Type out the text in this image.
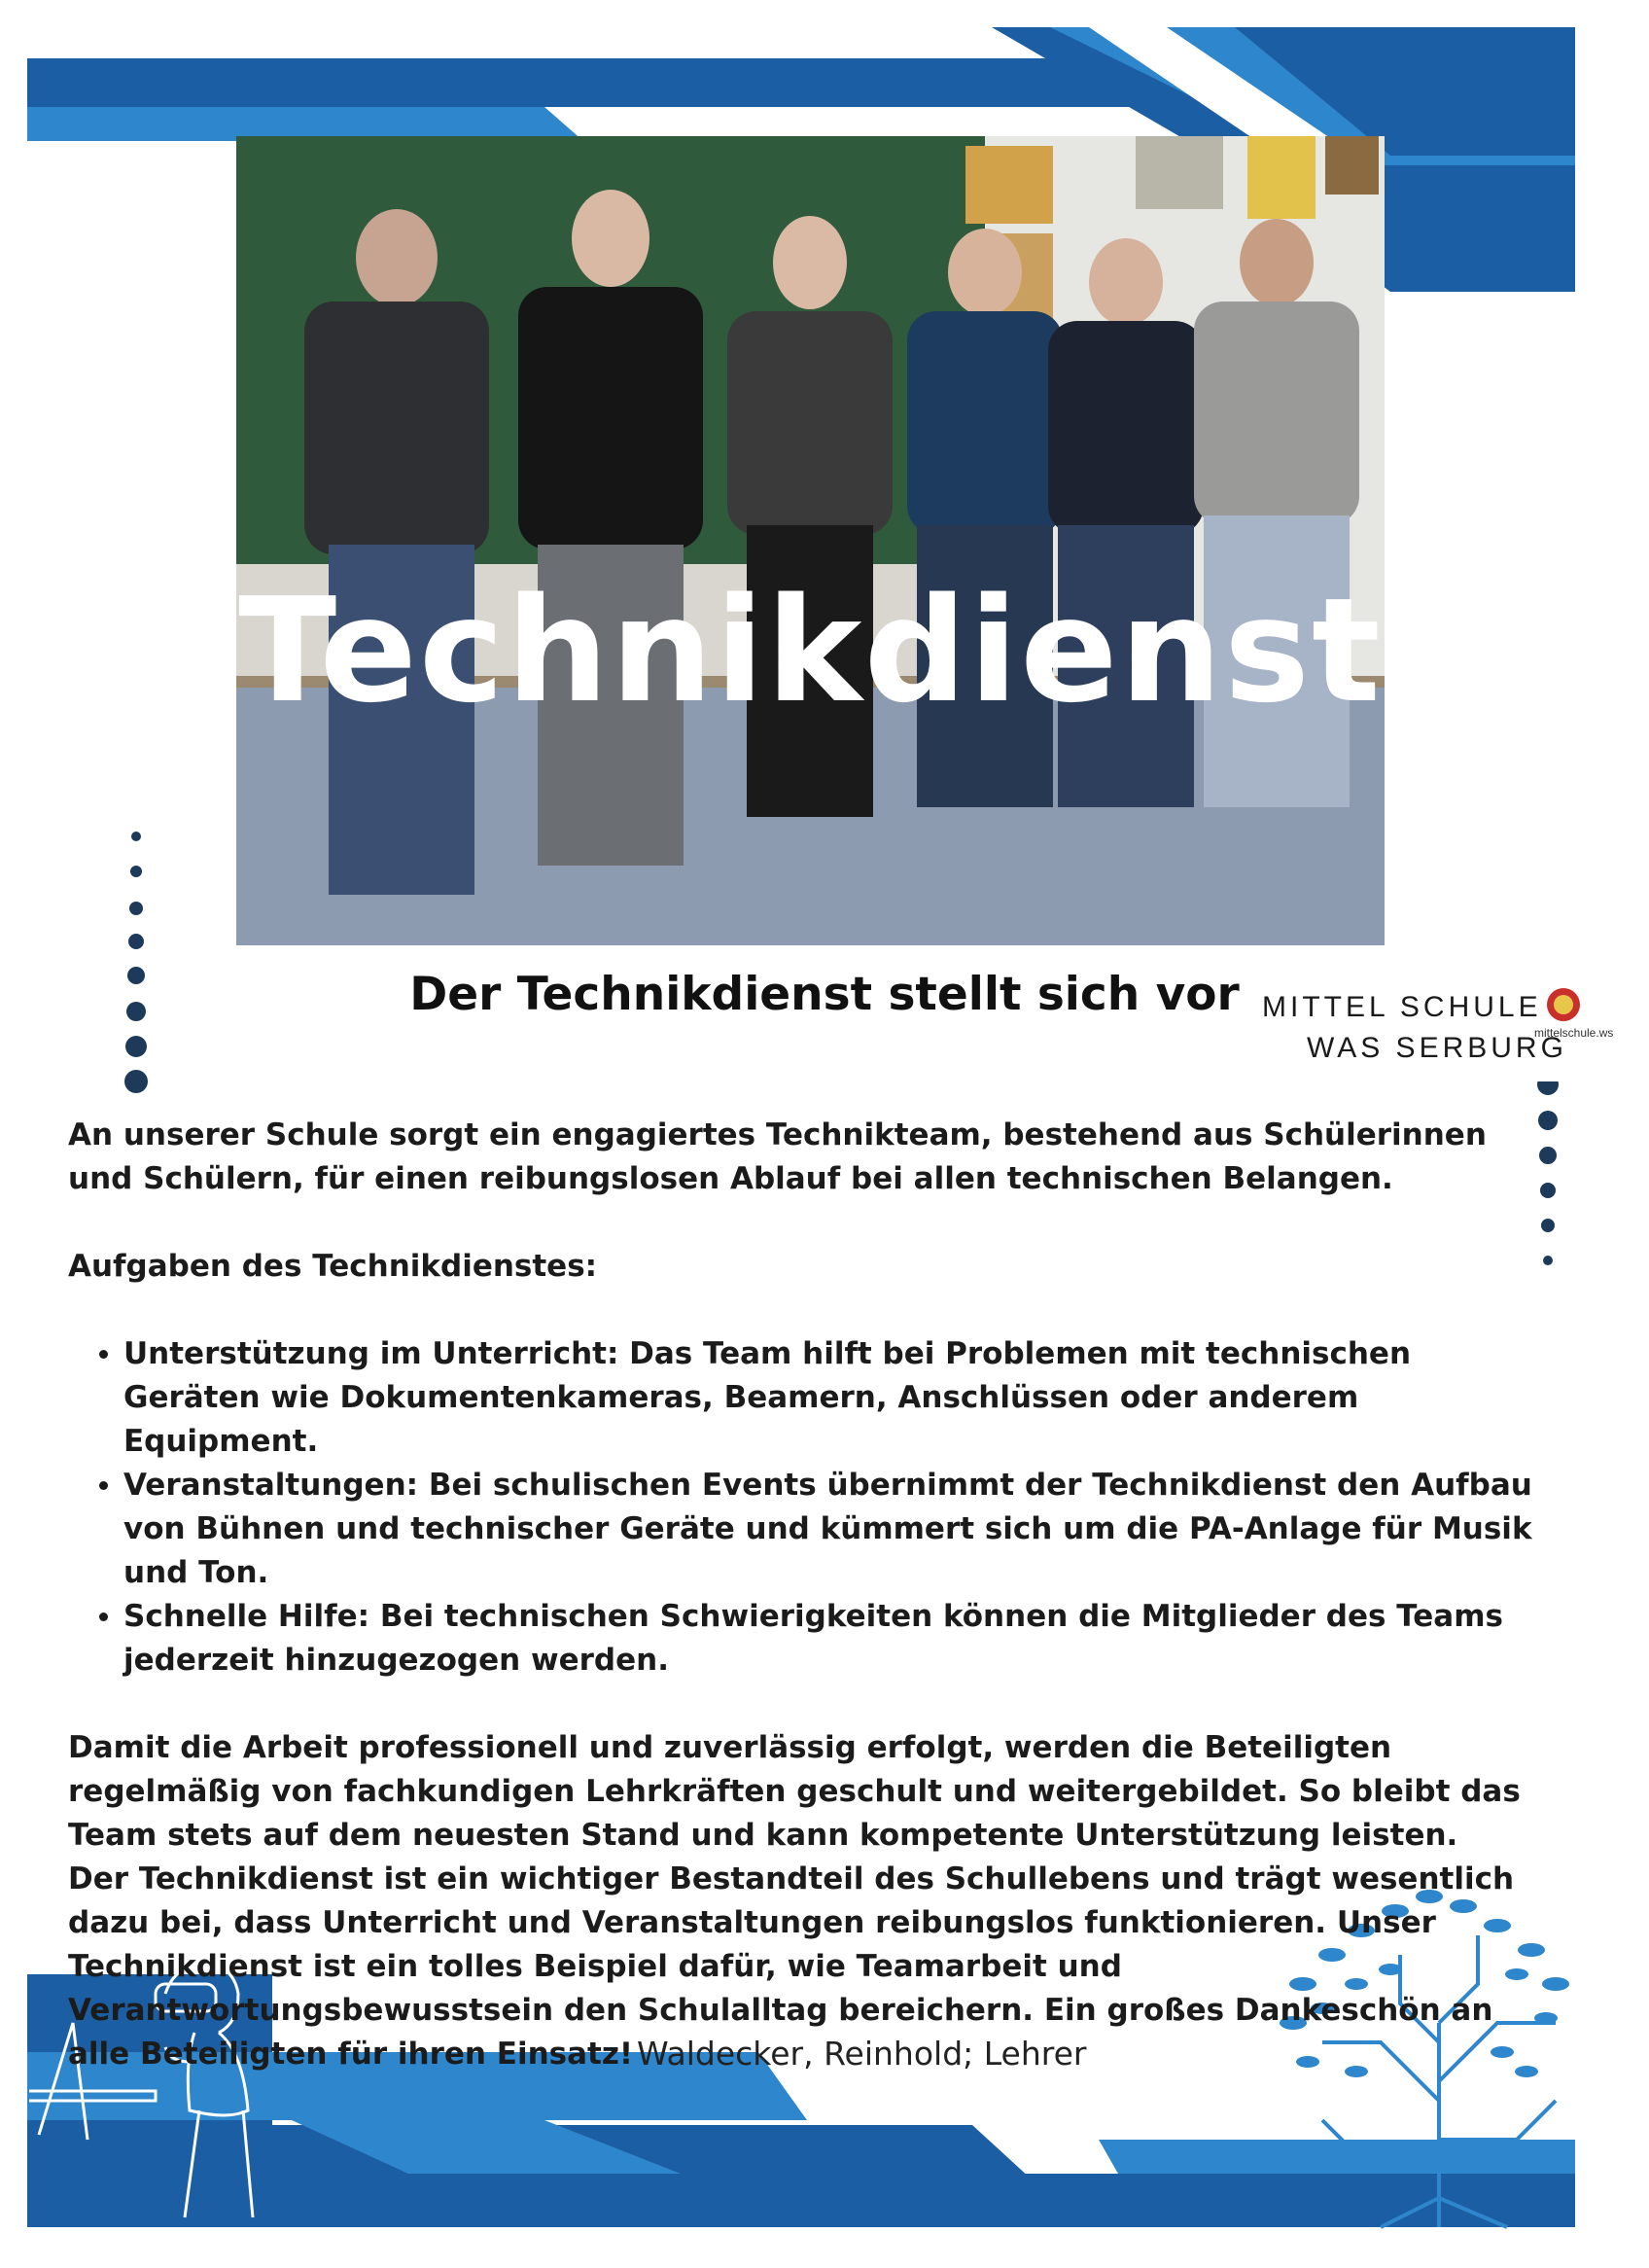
Technikdienst
MITTEL SCHULE
WAS SERBURG
mittelschule.ws
Der Technikdienst stellt sich vor

An unserer Schule sorgt ein engagiertes Technikteam, bestehend aus Schülerinnen und Schülern, für einen reibungslosen Ablauf bei allen technischen Belangen.

Aufgaben des Technikdienstes:

• Unterstützung im Unterricht: Das Team hilft bei Problemen mit technischen Geräten wie Dokumentenkameras, Beamern, Anschlüssen oder anderem Equipment.
• Veranstaltungen: Bei schulischen Events übernimmt der Technikdienst den Aufbau von Bühnen und technischer Geräte und kümmert sich um die PA-Anlage für Musik und Ton.
• Schnelle Hilfe: Bei technischen Schwierigkeiten können die Mitglieder des Teams jederzeit hinzugezogen werden.

Damit die Arbeit professionell und zuverlässig erfolgt, werden die Beteiligten regelmäßig von fachkundigen Lehrkräften geschult und weitergebildet. So bleibt das Team stets auf dem neuesten Stand und kann kompetente Unterstützung leisten.

Der Technikdienst ist ein wichtiger Bestandteil des Schullebens und trägt wesentlich dazu bei, dass Unterricht und Veranstaltungen reibungslos funktionieren. Unser Technikdienst ist ein tolles Beispiel dafür, wie Teamarbeit und Verantwortungsbewusstsein den Schulalltag bereichern. Ein großes Dankeschön an alle Beteiligten für ihren Einsatz! Waldecker, Reinhold; Lehrer
